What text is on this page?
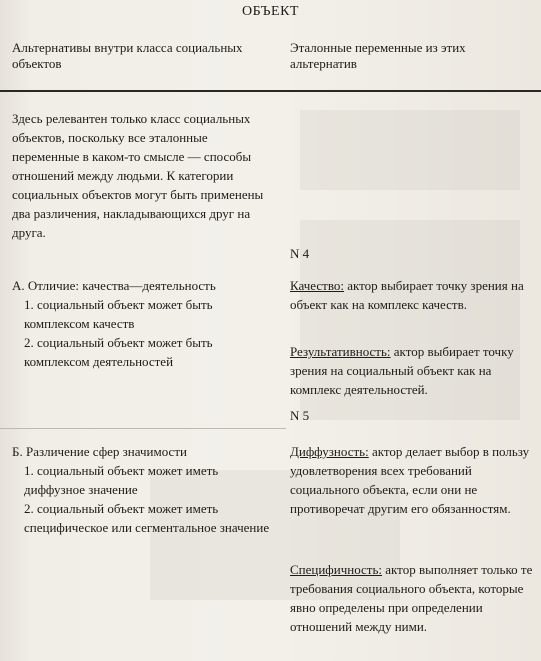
ОБЪЕКТ
Альтернативы внутри класса социальных объектов
Эталонные переменные из этих альтернатив

Здесь релевантен только класс социальных объектов, поскольку все эталонные переменные в каком-то смысле — способы отношений между людьми. К категории социальных объектов могут быть применены два различения, накладывающихся друг на друга.

А. Отличие: качества—деятельность

1. социальный объект может быть комплексом качеств

2. социальный объект может быть комплексом деятельностей

Б. Различение сфер значимости

1. социальный объект может иметь диффузное значение

2. социальный объект может иметь специфическое или сегментальное значение

N 4

Качество: актор выбирает точку зрения на объект как на комплекс качеств.

Результативность: актор выбирает точку зрения на социальный объект как на комплекс деятельностей.

N 5

Диффузность: актор делает выбор в пользу удовлетворения всех требований социального объекта, если они не противоречат другим его обязанностям.

Специфичность: актор выполняет только те требования социального объекта, которые явно определены при определении отношений между ними.
